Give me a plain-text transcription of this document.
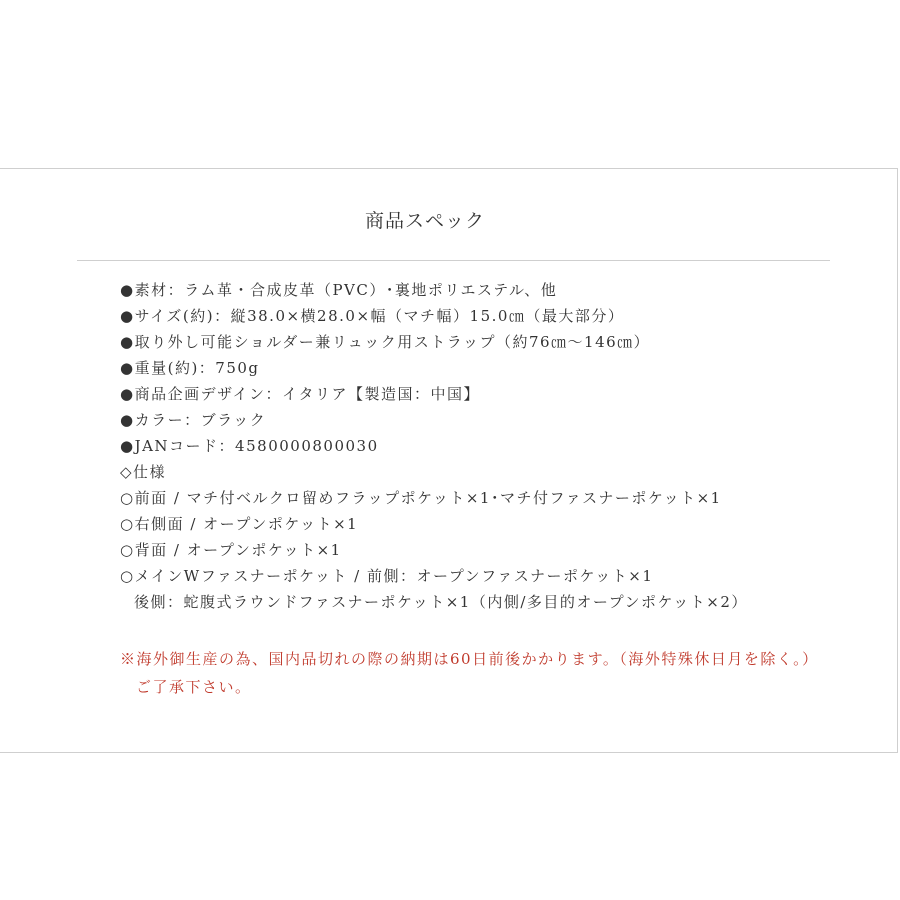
商品スペック
●素材：ラム革・合成皮革（PVC）･裏地ポリエステル、他
●サイズ(約)：縦38.0×横28.0×幅（マチ幅）15.0㎝（最大部分）
●取り外し可能ショルダー兼リュック用ストラップ（約76㎝～146㎝）
●重量(約)：750g
●商品企画デザイン：イタリア【製造国：中国】
●カラー：ブラック
●JANコード：4580000800030
◇仕様
○前面 / マチ付ベルクロ留めフラップポケット×1･マチ付ファスナーポケット×1
○右側面 / オープンポケット×1
○背面 / オープンポケット×1
○メインWファスナーポケット / 前側：オープンファスナーポケット×1
後側：蛇腹式ラウンドファスナーポケット×1（内側/多目的オープンポケット×2）
※海外御生産の為、国内品切れの際の納期は60日前後かかります。（海外特殊休日月を除く。）
ご了承下さい。
